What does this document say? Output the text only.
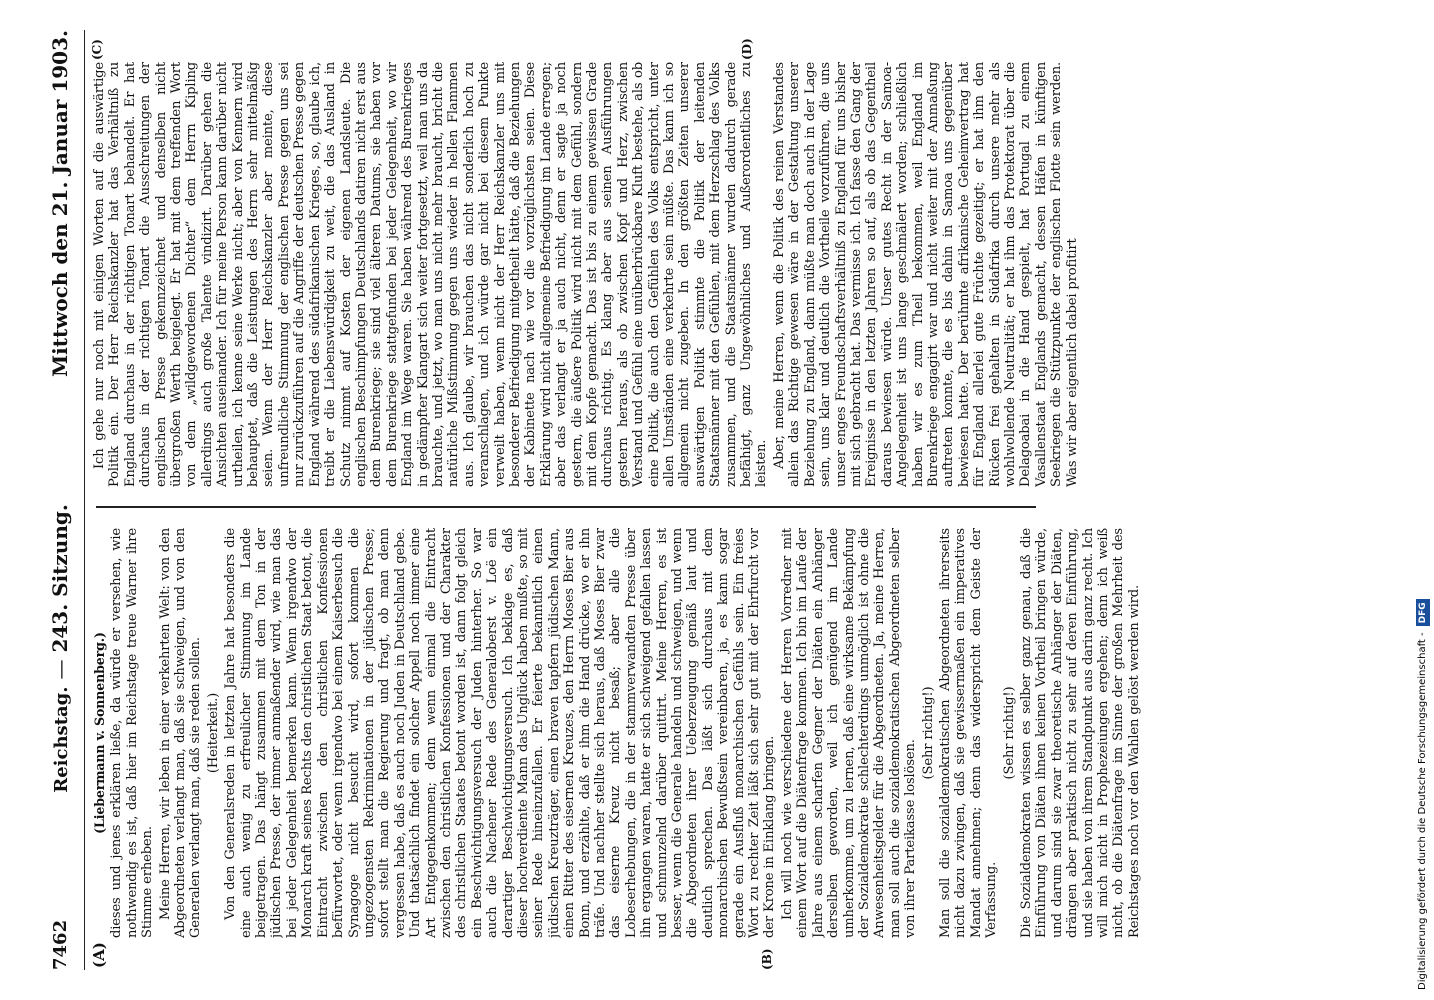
7462
Reichstag. — 243. Sitzung.
Mittwoch den 21. Januar 1903.
(A)	(B)
(C)	(D)

(Liebermann v. Sonnenberg.) dieses und jenes erklären ließe, da würde er versehen, wie nothwendig es ist, daß hier im Reichstage treue Warner ihre Stimme erheben. Meine Herren, wir leben in einer verkehrten Welt: von den Abgeordneten verlangt man, daß sie schweigen, und von den Generalen verlangt man, daß sie reden sollen. (Heiterkeit.) Von den Generalsreden in letzten Jahre hat besonders die eine auch wenig zu erfreulicher Stimmung im Lande beigetragen. Das hängt zusammen mit dem Ton in der jüdischen Presse, der immer anmaßender wird, wie man das bei jeder Gelegenheit bemerken kann. Wenn irgendwo der Monarch kraft seines Rechts den christlichen Staat betont, die Eintracht zwischen den christlichen Konfessionen befürwortet, oder wenn irgendwo bei einem Kaiserbesuch die Synagoge nicht besucht wird, sofort kommen die ungezogensten Rekriminationen in der jüdischen Presse; sofort stellt man die Regierung und fragt, ob man denn vergessen habe, daß es auch noch Juden in Deutschland gebe. Und thatsächlich findet ein solcher Appell noch immer eine Art Entgegenkommen; denn wenn einmal die Eintracht zwischen den christlichen Konfessionen und der Charakter des christlichen Staates betont worden ist, dann folgt gleich ein Beschwichtigungsversuch der Juden hinterher. So war auch die Nachener Rede des Generaloberst v. Loë ein derartiger Beschwichtigungsversuch. Ich beklage es, daß dieser hochverdiente Mann das Unglück haben mußte, so mit seiner Rede hineinzufallen. Er feierte bekanntlich einen jüdischen Kreuzträger, einen braven tapfern jüdischen Mann, einen Ritter des eisernen Kreuzes, den Herrn Moses Bier aus Bonn, und erzählte, daß er ihm die Hand drücke, wo er ihn träfe. Und nachher stellte sich heraus, daß Moses Bier zwar das eiserne Kreuz nicht besaß; aber alle die Lobeserhebungen, die in der stammverwandten Presse über ihn ergangen waren, hatte er sich schweigend gefallen lassen und schmunzelnd darüber quittirt. Meine Herren, es ist besser, wenn die Generale handeln und schweigen, und wenn die Abgeordneten ihrer Ueberzeugung gemäß laut und deutlich sprechen. Das läßt sich durchaus mit dem monarchischen Bewußtsein vereinbaren, ja, es kann sogar gerade ein Ausfluß monarchischen Gefühls sein. Ein freies Wort zu rechter Zeit läßt sich sehr gut mit der Ehrfurcht vor der Krone in Einklang bringen. Ich will noch wie verschiedene der Herren Vorredner mit einem Wort auf die Diätenfrage kommen. Ich bin im Laufe der Jahre aus einem scharfen Gegner der Diäten ein Anhänger derselben geworden, weil ich genügend im Lande umherkomme, um zu lernen, daß eine wirksame Bekämpfung der Sozialdemokratie schlechterdings unmöglich ist ohne die Anwesenheitsgelder für die Abgeordneten. Ja, meine Herren, man soll auch die sozialdemokratischen Abgeordneten selber von ihrer Parteikasse loslösen.

(Sehr richtig!) Man soll die sozialdemokratischen Abgeordneten ihrerseits nicht dazu zwingen, daß sie gewissermaßen ein imperatives Mandat annehmen; denn das widerspricht dem Geiste der Verfassung.

(Sehr richtig!) Die Sozialdemokraten wissen es selber ganz genau, daß die Einführung von Diäten ihnen keinen Vortheil bringen würde, und darum sind sie zwar theoretische Anhänger der Diäten, drängen aber praktisch nicht zu sehr auf deren Einführung, und sie haben von ihrem Standpunkt aus darin ganz recht. Ich will mich nicht in Prophezeiungen ergehen; denn ich weiß nicht, ob die Diätenfrage im Sinne der großen Mehrheit des Reichstages noch vor den Wahlen gelöst werden wird.

Ich gehe nur noch mit einigen Worten auf die auswärtige Politik ein. Der Herr Reichskanzler hat das Verhältniß zu England durchaus in der richtigen Tonart behandelt. Er hat durchaus in der richtigen Tonart die Ausschreitungen der englischen Presse gekennzeichnet und denselben nicht übergroßen Werth beigelegt. Er hat mit dem treffenden Wort von dem „wildgewordenen Dichter“ dem Herrn Kipling allerdings auch große Talente vindizirt. Darüber gehen die Ansichten auseinander. Ich für meine Person kann darüber nicht urtheilen, ich kenne seine Werke nicht; aber von Kennern wird behauptet, daß die Leistungen des Herrn sehr mittelmäßig seien. Wenn der Herr Reichskanzler aber meinte, diese unfreundliche Stimmung der englischen Presse gegen uns sei nur zurückzuführen auf die Angriffe der deutschen Presse gegen England während des südafrikanischen Krieges, so, glaube ich, treibt er die Liebenswürdigkeit zu weit, die das Ausland in Schutz nimmt auf Kosten der eigenen Landsleute. Die englischen Beschimpfungen Deutschlands datiren nicht erst aus dem Burenkriege; sie sind viel älteren Datums, sie haben vor dem Burenkriege stattgefunden bei jeder Gelegenheit, wo wir England im Wege waren. Sie haben während des Burenkrieges in gedämpfter Klangart sich weiter fortgesetzt, weil man uns da brauchte, und jetzt, wo man uns nicht mehr braucht, bricht die natürliche Mißstimmung gegen uns wieder in hellen Flammen aus. Ich glaube, wir brauchen das nicht sonderlich hoch zu veranschlagen, und ich würde gar nicht bei diesem Punkte verweilt haben, wenn nicht der Herr Reichskanzler uns mit besonderer Befriedigung mitgetheilt hätte, daß die Beziehungen der Kabinette nach wie vor die vorzüglichsten seien. Diese Erklärung wird nicht allgemeine Befriedigung im Lande erregen; aber das verlangt er ja auch nicht, denn er sagte ja noch gestern, die äußere Politik wird nicht mit dem Gefühl, sondern mit dem Kopfe gemacht. Das ist bis zu einem gewissen Grade durchaus richtig. Es klang aber aus seinen Ausführungen gestern heraus, als ob zwischen Kopf und Herz, zwischen Verstand und Gefühl eine unüberbrückbare Kluft bestehe, als ob eine Politik, die auch den Gefühlen des Volks entspricht, unter allen Umständen eine verkehrte sein müßte. Das kann ich so allgemein nicht zugeben. In den größten Zeiten unserer auswärtigen Politik stimmte die Politik der leitenden Staatsmänner mit den Gefühlen, mit dem Herzschlag des Volks zusammen, und die Staatsmänner wurden dadurch gerade befähigt, ganz Ungewöhnliches und Außerordentliches zu leisten. Aber, meine Herren, wenn die Politik des reinen Verstandes allein das Richtige gewesen wäre in der Gestaltung unserer Beziehung zu England, dann müßte man doch auch in der Lage sein, uns klar und deutlich die Vortheile vorzuführen, die uns unser enges Freundschaftsverhältniß zu England für uns bisher mit sich gebracht hat. Das vermisse ich. Ich fasse den Gang der Ereignisse in den letzten Jahren so auf, als ob das Gegentheil daraus bewiesen würde. Unser gutes Recht in der Samoa-Angelegenheit ist uns lange geschmälert worden; schließlich haben wir es zum Theil bekommen, weil England im Burenkriege engagirt war und nicht weiter mit der Anmaßung auftreten konnte, die es bis dahin in Samoa uns gegenüber bewiesen hatte. Der berühmte afrikanische Geheimvertrag hat für England allerlei gute Früchte gezeitigt; er hat ihm den Rücken frei gehalten in Südafrika durch unsere mehr als wohlwollende Neutralität; er hat ihm das Protektorat über die Delagoabai in die Hand gespielt, hat Portugal zu einem Vasallenstaat Englands gemacht, dessen Häfen in künftigen Seekriegen die Stützpunkte der englischen Flotte sein werden. Was wir aber eigentlich dabei profitirt

Digitalisierung gefördert durch die Deutsche Forschungsgemeinschaft -
DFG
